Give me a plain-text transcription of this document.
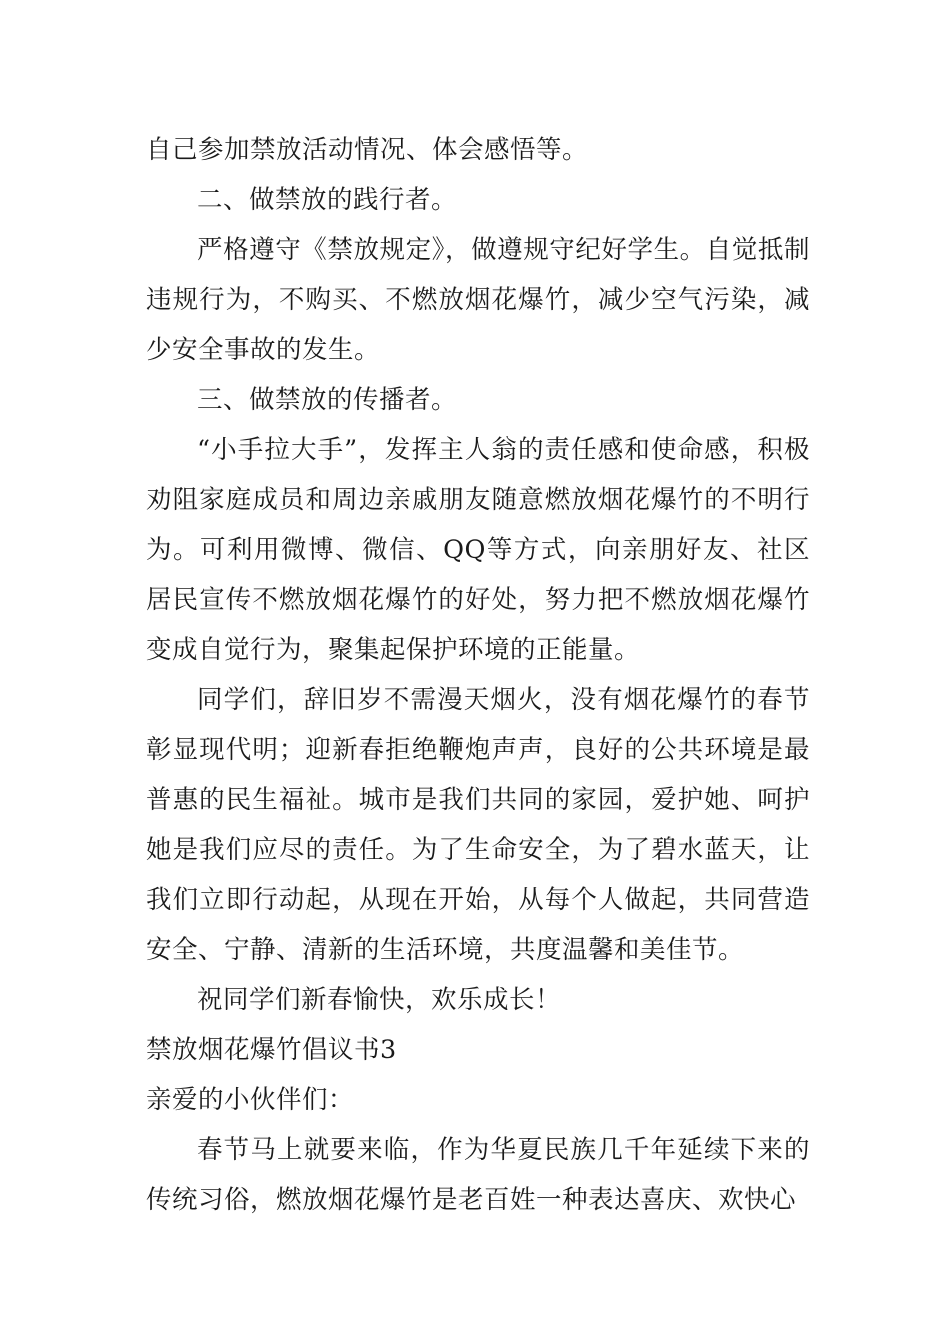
自己参加禁放活动情况、体会感悟等。

二、做禁放的践行者。

严格遵守《禁放规定》，做遵规守纪好学生。自觉抵制违规行为，不购买、不燃放烟花爆竹，减少空气污染，减少安全事故的发生。

三、做禁放的传播者。

“小手拉大手”，发挥主人翁的责任感和使命感，积极劝阻家庭成员和周边亲戚朋友随意燃放烟花爆竹的不明行为。可利用微博、微信、QQ等方式，向亲朋好友、社区居民宣传不燃放烟花爆竹的好处，努力把不燃放烟花爆竹变成自觉行为，聚集起保护环境的正能量。

同学们，辞旧岁不需漫天烟火，没有烟花爆竹的春节彰显现代明；迎新春拒绝鞭炮声声，良好的公共环境是最普惠的民生福祉。城市是我们共同的家园，爱护她、呵护她是我们应尽的责任。为了生命安全，为了碧水蓝天，让我们立即行动起，从现在开始，从每个人做起，共同营造安全、宁静、清新的生活环境，共度温馨和美佳节。

祝同学们新春愉快，欢乐成长！

禁放烟花爆竹倡议书3

亲爱的小伙伴们：

春节马上就要来临，作为华夏民族几千年延续下来的传统习俗，燃放烟花爆竹是老百姓一种表达喜庆、欢快心
